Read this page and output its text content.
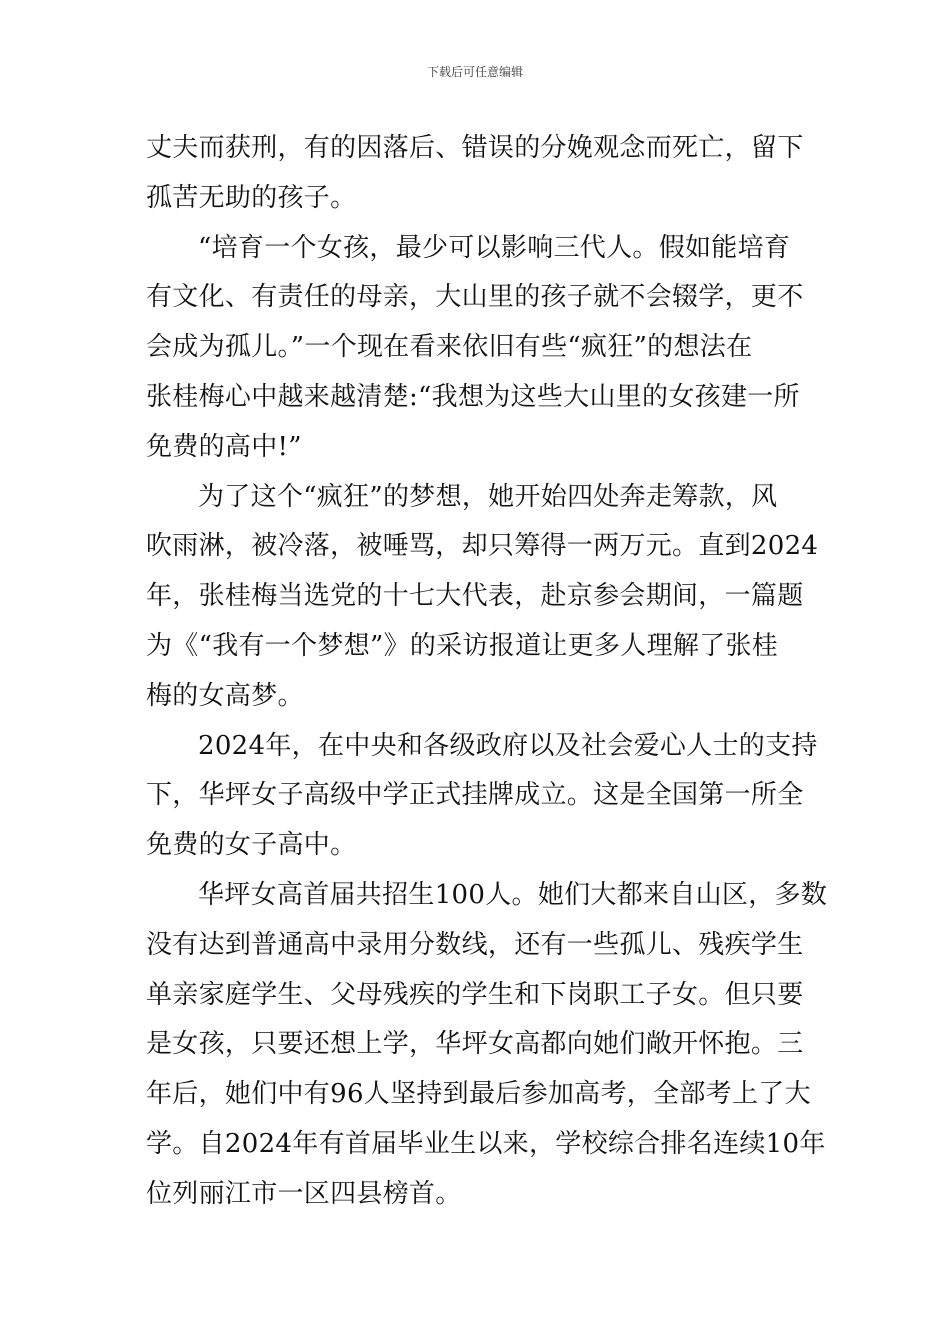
下载后可任意编辑
丈夫而获刑，有的因落后、错误的分娩观念而死亡，留下
孤苦无助的孩子。
“培育一个女孩，最少可以影响三代人。假如能培育
有文化、有责任的母亲，大山里的孩子就不会辍学，更不
会成为孤儿。”一个现在看来依旧有些“疯狂”的想法在
张桂梅心中越来越清楚:“我想为这些大山里的女孩建一所
免费的高中!”
为了这个“疯狂”的梦想，她开始四处奔走筹款，风
吹雨淋，被冷落，被唾骂，却只筹得一两万元。直到2024
年，张桂梅当选党的十七大代表，赴京参会期间，一篇题
为《“我有一个梦想”》的采访报道让更多人理解了张桂
梅的女高梦。
2024年，在中央和各级政府以及社会爱心人士的支持
下，华坪女子高级中学正式挂牌成立。这是全国第一所全
免费的女子高中。
华坪女高首届共招生100人。她们大都来自山区，多数
没有达到普通高中录用分数线，还有一些孤儿、残疾学生
单亲家庭学生、父母残疾的学生和下岗职工子女。但只要
是女孩，只要还想上学，华坪女高都向她们敞开怀抱。三
年后，她们中有96人坚持到最后参加高考，全部考上了大
学。自2024年有首届毕业生以来，学校综合排名连续10年
位列丽江市一区四县榜首。
